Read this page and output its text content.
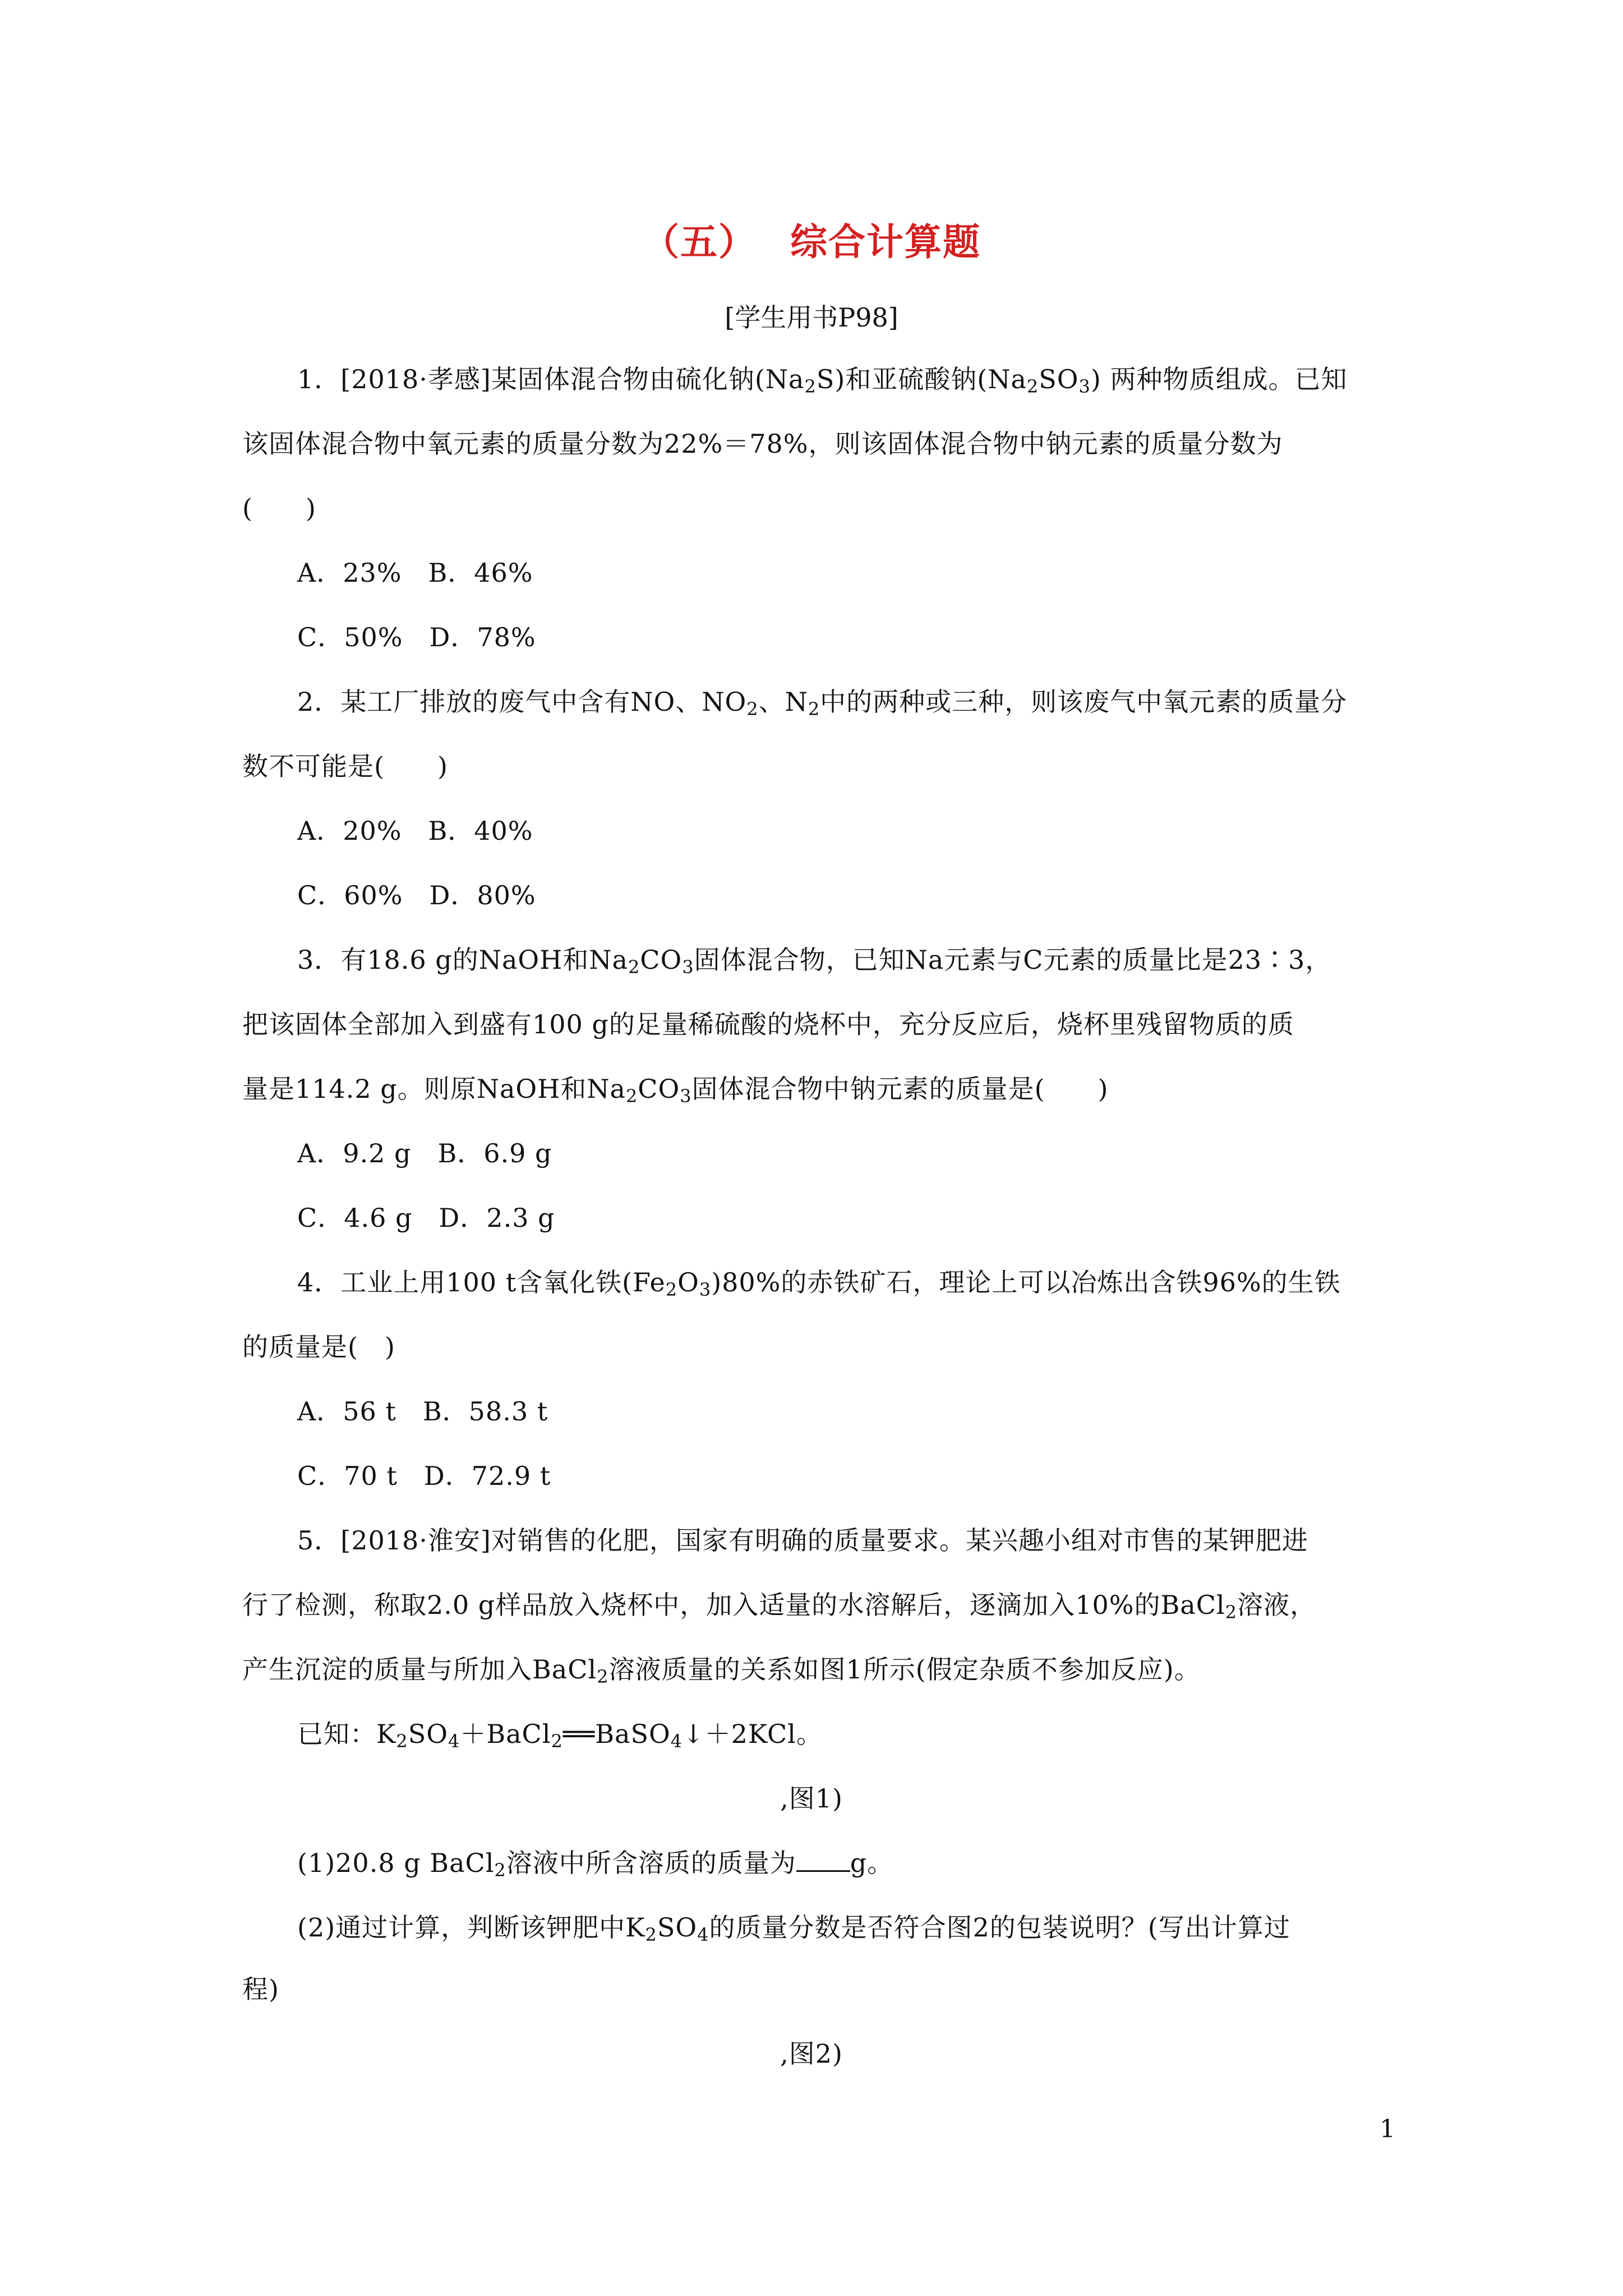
（五） 综合计算题
[学生用书P98]
1．[2018·孝感]某固体混合物由硫化钠$(Na_2S)$和亚硫酸钠$(Na_2SO_3)$ 两种物质组成。已知
该固体混合物中氧元素的质量分数为22%＝78%，则该固体混合物中钠元素的质量分数为
(　　)
A．23%　B．46%
C．50%　D．78%
2．某工厂排放的废气中含有NO、$NO_2$、$N_2$中的两种或三种，则该废气中氧元素的质量分
数不可能是(　　)
A．20%　B．40%
C．60%　D．80%
3．有18.6 g的NaOH和$Na_2CO_3$固体混合物，已知Na元素与C元素的质量比是23∶3，
把该固体全部加入到盛有100 g的足量稀硫酸的烧杯中，充分反应后，烧杯里残留物质的质
量是114.2 g。则原NaOH和$Na_2CO_3$固体混合物中钠元素的质量是(　　)
A．9.2 g　B．6.9 g
C．4.6 g　D．2.3 g
4．工业上用100 t含氧化铁$(Fe_2O_3)80\%$的赤铁矿石，理论上可以冶炼出含铁96%的生铁
的质量是(　)
A．56 t　B．58.3 t
C．70 t　D．72.9 t
5．[2018·淮安]对销售的化肥，国家有明确的质量要求。某兴趣小组对市售的某钾肥进
行了检测，称取2.0 g样品放入烧杯中，加入适量的水溶解后，逐滴加入10%的BaCl$_2$溶液，
产生沉淀的质量与所加入BaCl$_2$溶液质量的关系如图1所示(假定杂质不参加反应)。
已知：$K_2SO_4+BaCl_2══BaSO_4↓+2KCl$。
,图1)
(1)20.8 g BaCl$_2$溶液中所含溶质的质量为 g。
(2)通过计算，判断该钾肥中$K_2SO_4$的质量分数是否符合图2的包装说明？(写出计算过
程)
,图2)
1
